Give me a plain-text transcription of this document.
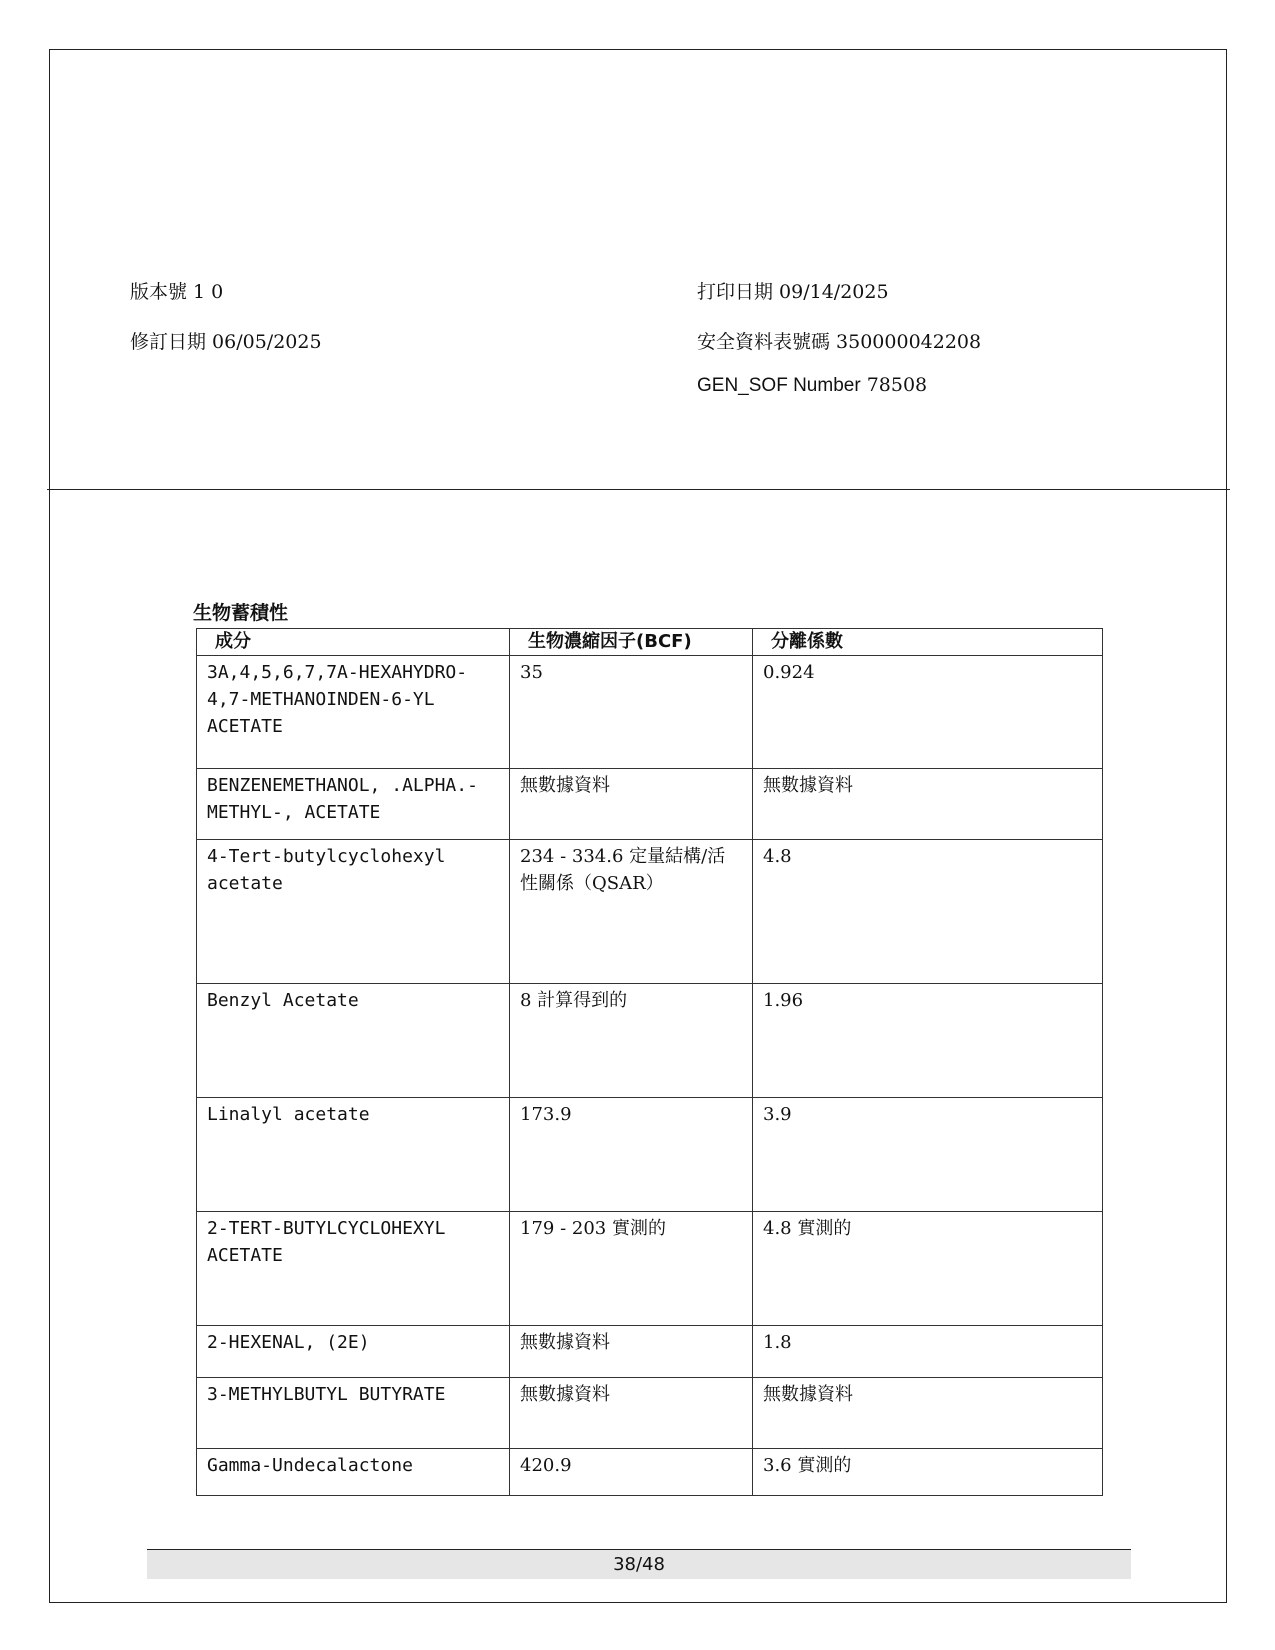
版本號 1 0
修訂日期 06/05/2025
打印日期 09/14/2025
安全資料表號碼 350000042208
GEN_SOF Number 78508
生物蓄積性
成分	生物濃縮因子(BCF)	分離係數
3A,4,5,6,7,7A-HEXAHYDRO-4,7-METHANOINDEN-6-YL ACETATE	35	0.924
BENZENEMETHANOL, .ALPHA.-METHYL-, ACETATE	無數據資料	無數據資料
4-Tert-butylcyclohexyl acetate	234 - 334.6 定量結構/活性關係（QSAR）	4.8
Benzyl Acetate	8 計算得到的	1.96
Linalyl acetate	173.9	3.9
2-TERT-BUTYLCYCLOHEXYL ACETATE	179 - 203 實測的	4.8 實測的
2-HEXENAL, (2E)	無數據資料	1.8
3-METHYLBUTYL BUTYRATE	無數據資料	無數據資料
Gamma-Undecalactone	420.9	3.6 實測的
38/48
